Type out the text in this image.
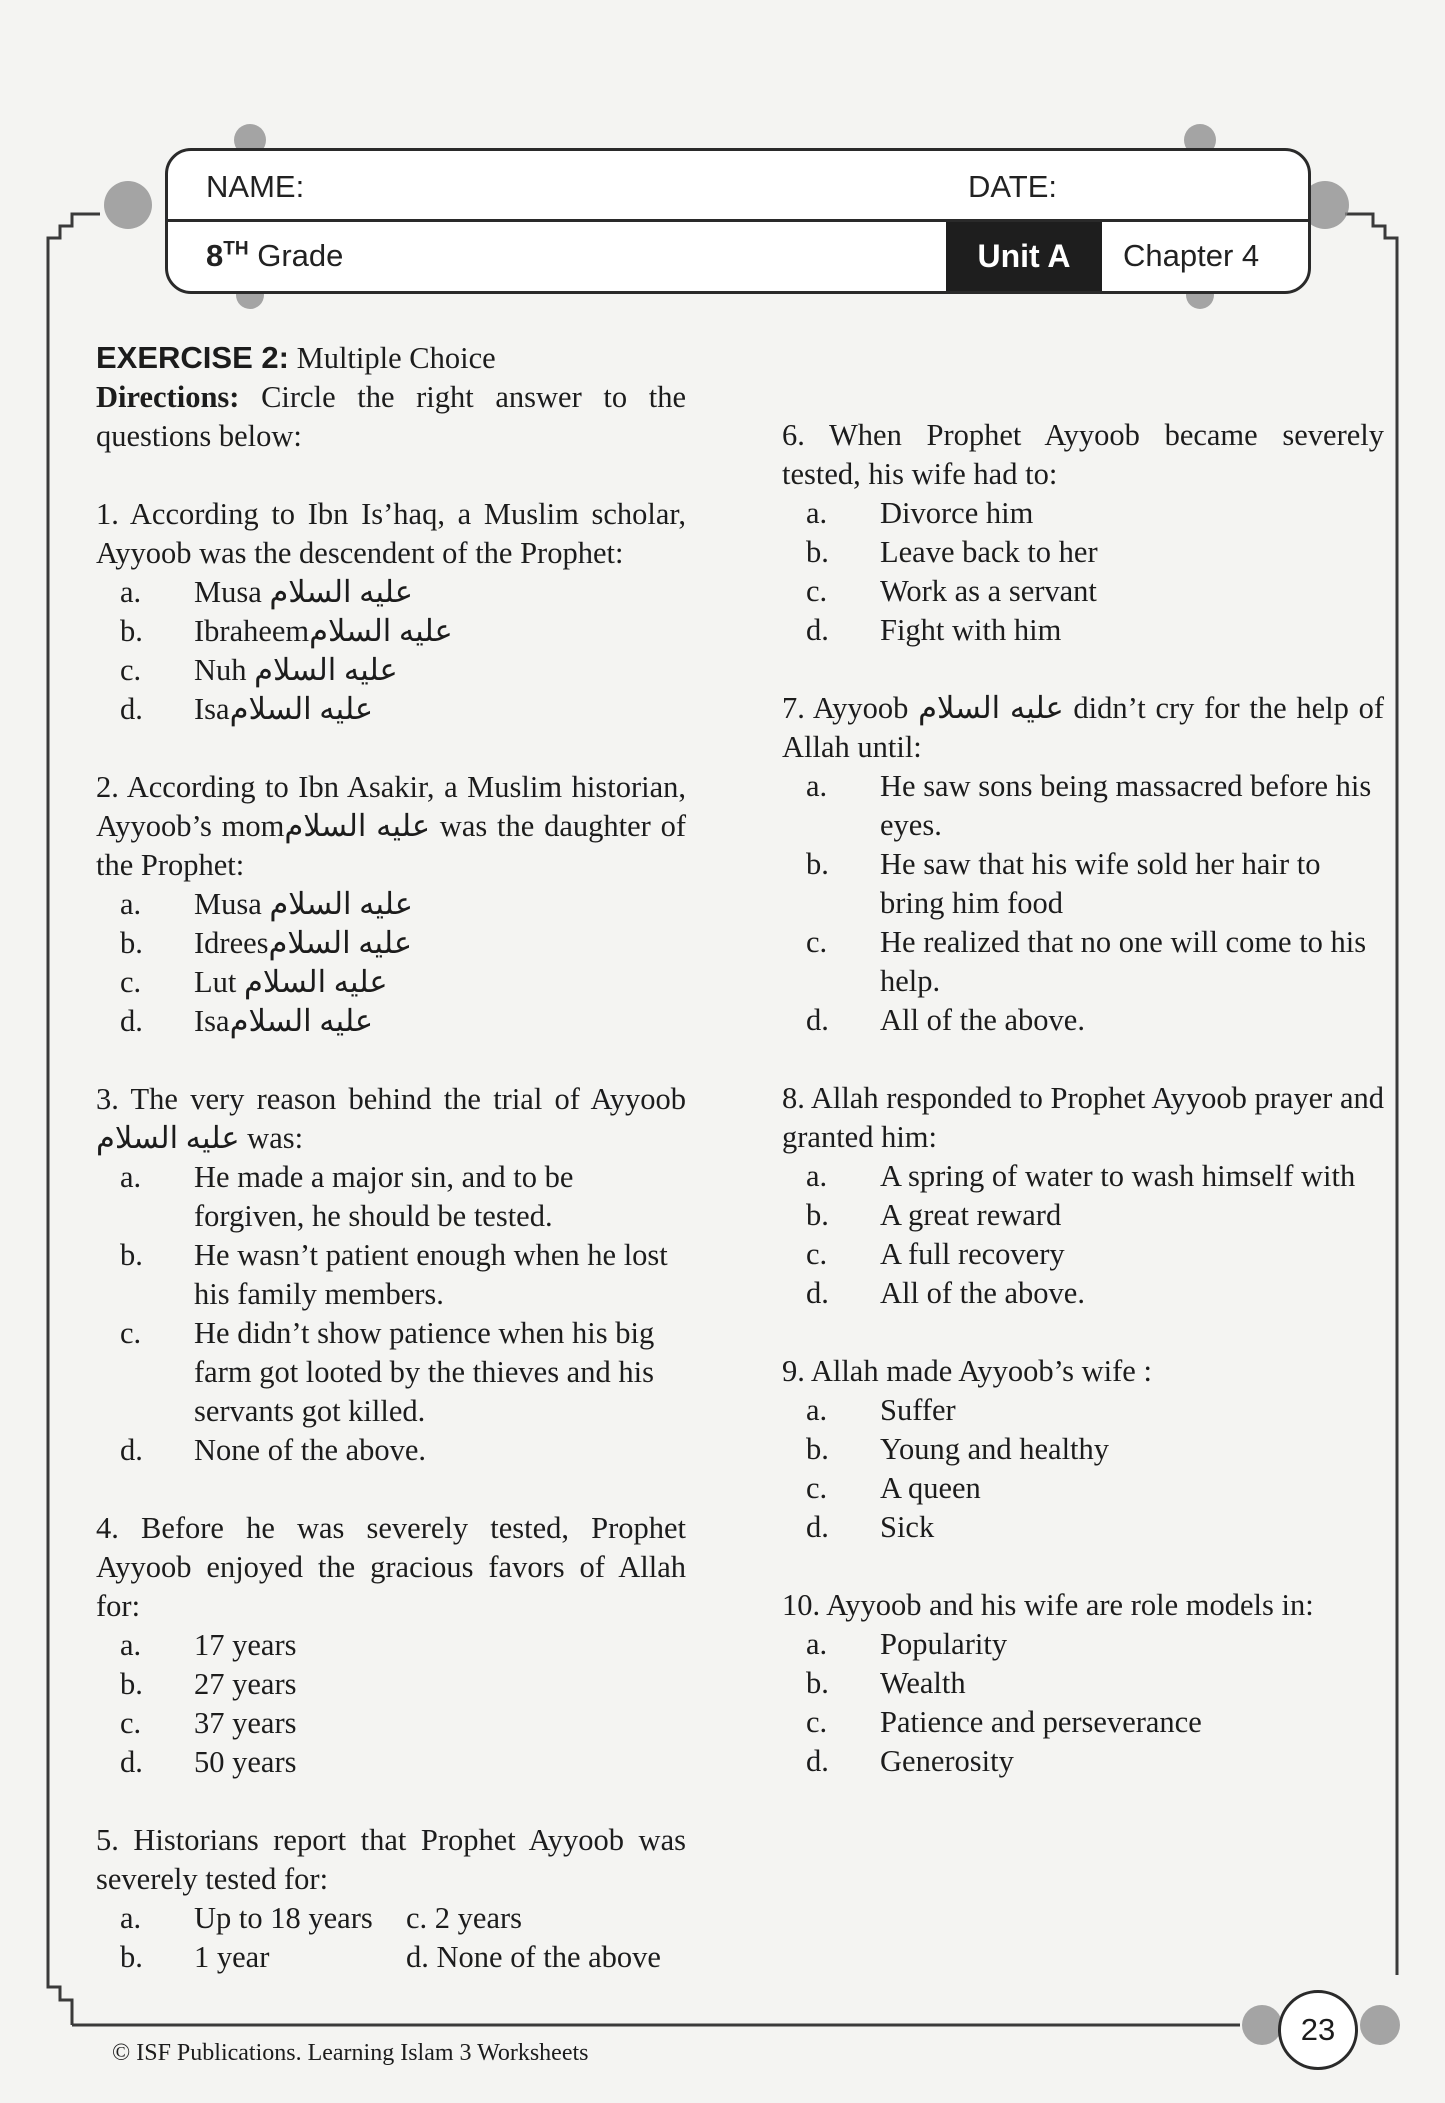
NAME:	DATE:
8TH Grade	Unit A	Chapter 4

EXERCISE 2: Multiple Choice

Directions: Circle the right answer to the questions below:

1. According to Ibn Is’haq, a Muslim scholar, Ayyoob was the descendent of the Prophet:

a. Musa عليه السلام

b. Ibraheemعليه السلام

c. Nuh عليه السلام

d. Isaعليه السلام

2. According to Ibn Asakir, a Muslim historian, Ayyoob’s momعليه السلام was the daughter of the Prophet:

a. Musa عليه السلام

b. Idreesعليه السلام

c. Lut عليه السلام

d. Isaعليه السلام

3. The very reason behind the trial of Ayyoob عليه السلام was:

a. He made a major sin, and to be forgiven, he should be tested.

b. He wasn’t patient enough when he lost his family members.

c. He didn’t show patience when his big farm got looted by the thieves and his servants got killed.

d. None of the above.

4. Before he was severely tested, Prophet Ayyoob enjoyed the gracious favors of Allah for:

a. 17 years

b. 27 years

c. 37 years

d. 50 years

5. Historians report that Prophet Ayyoob was severely tested for:

a. Up to 18 years c. 2 years

b. 1 year	d. None of the above

6. When Prophet Ayyoob became severely tested, his wife had to:

a. Divorce him

b. Leave back to her

c. Work as a servant

d. Fight with him

7. Ayyoob عليه السلام didn’t cry for the help of Allah until:

a. He saw sons being massacred before his eyes.

b. He saw that his wife sold her hair to bring him food

c. He realized that no one will come to his help.

d. All of the above.

8. Allah responded to Prophet Ayyoob prayer and granted him:

a. A spring of water to wash himself with

b. A great reward

c. A full recovery

d. All of the above.

9. Allah made Ayyoob’s wife :

a. Suffer

b. Young and healthy

c. A queen

d. Sick

10. Ayyoob and his wife are role models in:

a. Popularity

b. Wealth

c. Patience and perseverance

d. Generosity

23
© ISF Publications. Learning Islam 3 Worksheets
